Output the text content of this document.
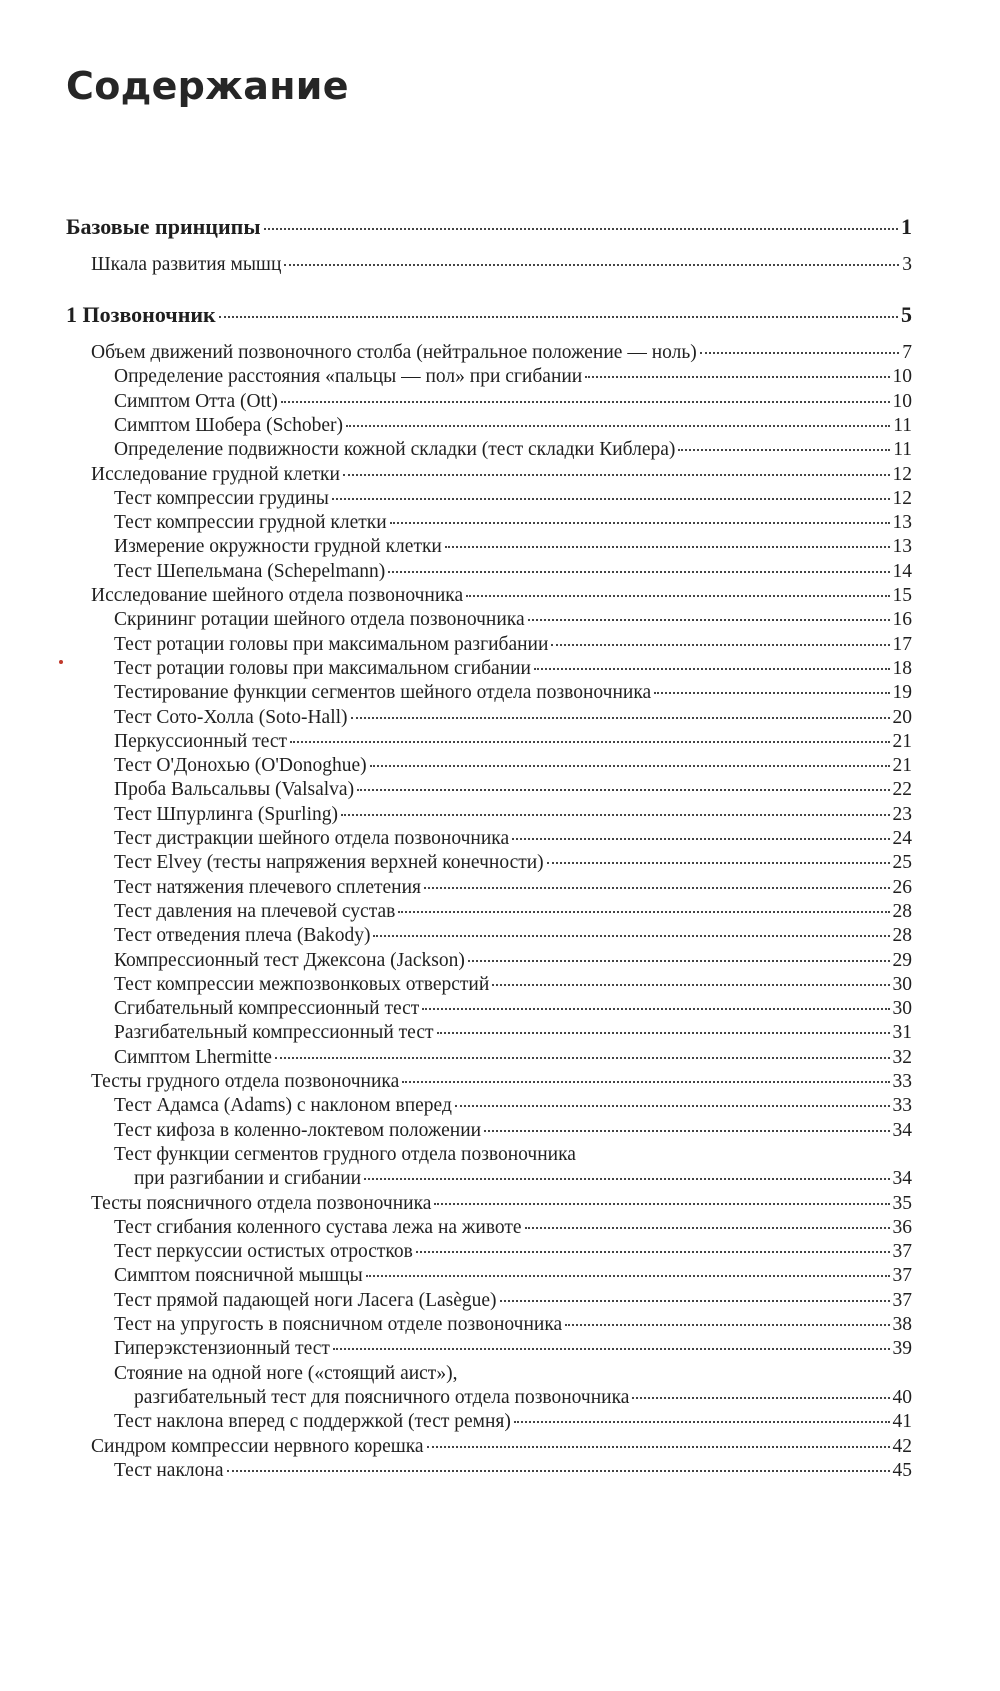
Содержание
Базовые принципы	1
Шкала развития мышц	3
1 Позвоночник	5
Объем движений позвоночного столба (нейтральное положение — ноль)	7
Определение расстояния «пальцы — пол» при сгибании	10
Симптом Отта (Ott)	10
Симптом Шобера (Schober)	11
Определение подвижности кожной складки (тест складки Киблера)	11
Исследование грудной клетки	12
Тест компрессии грудины	12
Тест компрессии грудной клетки	13
Измерение окружности грудной клетки	13
Тест Шепельмана (Schepelmann)	14
Исследование шейного отдела позвоночника	15
Скрининг ротации шейного отдела позвоночника	16
Тест ротации головы при максимальном разгибании	17
Тест ротации головы при максимальном сгибании	18
Тестирование функции сегментов шейного отдела позвоночника	19
Тест Сото-Холла (Soto-Hall)	20
Перкуссионный тест	21
Тест О'Донохью (O'Donoghue)	21
Проба Вальсальвы (Valsalva)	22
Тест Шпурлинга (Spurling)	23
Тест дистракции шейного отдела позвоночника	24
Тест Elvey (тесты напряжения верхней конечности)	25
Тест натяжения плечевого сплетения	26
Тест давления на плечевой сустав	28
Тест отведения плеча (Bakody)	28
Компрессионный тест Джексона (Jackson)	29
Тест компрессии межпозвонковых отверстий	30
Сгибательный компрессионный тест	30
Разгибательный компрессионный тест	31
Симптом Lhermitte	32
Тесты грудного отдела позвоночника	33
Тест Адамса (Adams) с наклоном вперед	33
Тест кифоза в коленно-локтевом положении	34
Тест функции сегментов грудного отдела позвоночника
при разгибании и сгибании	34
Тесты поясничного отдела позвоночника	35
Тест сгибания коленного сустава лежа на животе	36
Тест перкуссии остистых отростков	37
Симптом поясничной мышцы	37
Тест прямой падающей ноги Ласега (Lasègue)	37
Тест на упругость в поясничном отделе позвоночника	38
Гиперэкстензионный тест	39
Стояние на одной ноге («стоящий аист»),
разгибательный тест для поясничного отдела позвоночника	40
Тест наклона вперед с поддержкой (тест ремня)	41
Синдром компрессии нервного корешка	42
Тест наклона	45
